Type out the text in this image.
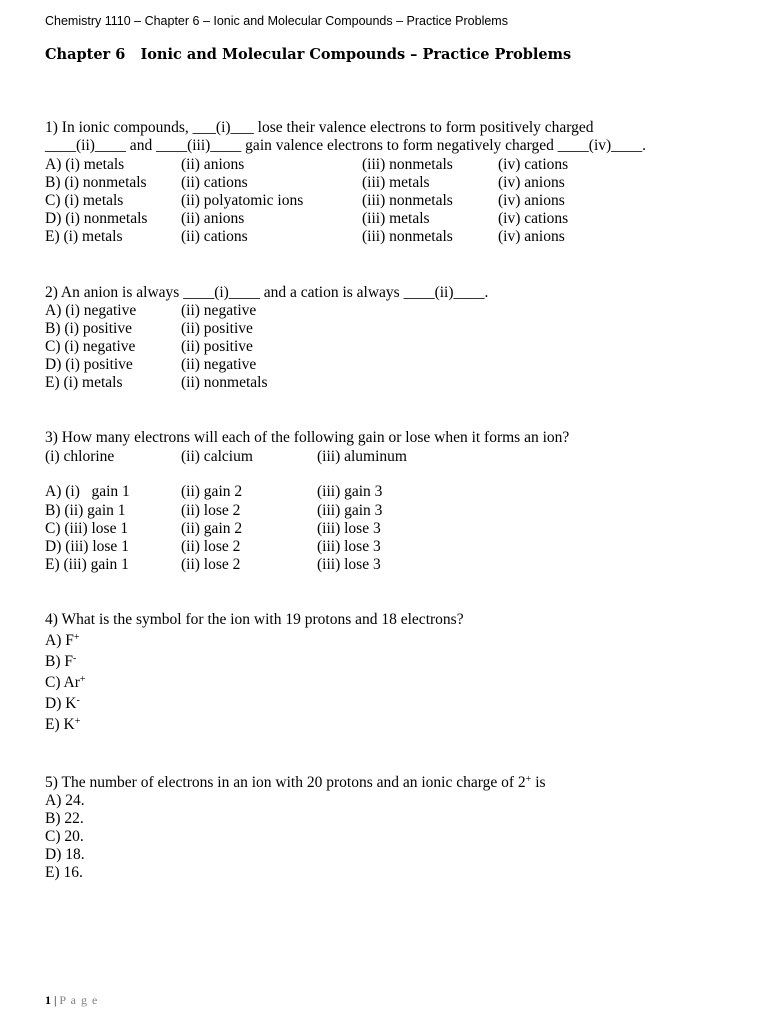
Chemistry 1110 – Chapter 6 – Ionic and Molecular Compounds – Practice Problems
Chapter 6   Ionic and Molecular Compounds – Practice Problems
1) In ionic compounds, ___(i)___ lose their valence electrons to form positively charged
____(ii)____ and ____(iii)____ gain valence electrons to form negatively charged ____(iv)____.
A) (i) metals	(ii) anions	(iii) nonmetals	(iv) cations
B) (i) nonmetals (ii) cations	(iii) metals	(iv) anions
C) (i) metals	(ii) polyatomic ions	(iii) nonmetals	(iv) anions
D) (i) nonmetals (ii) anions	(iii) metals	(iv) cations
E) (i) metals	(ii) cations	(iii) nonmetals	(iv) anions
2) An anion is always ____(i)____ and a cation is always ____(ii)____.
A) (i) negative	(ii) negative
B) (i) positive	(ii) positive
C) (i) negative	(ii) positive
D) (i) positive	(ii) negative
E) (i) metals	(ii) nonmetals
3) How many electrons will each of the following gain or lose when it forms an ion?
(i) chlorine	(ii) calcium	(iii) aluminum
A) (i)   gain 1	(ii) gain 2	(iii) gain 3
B) (ii) gain 1	(ii) lose 2	(iii) gain 3
C) (iii) lose 1	(ii) gain 2	(iii) lose 3
D) (iii) lose 1	(ii) lose 2	(iii) lose 3
E) (iii) gain 1	(ii) lose 2	(iii) lose 3
4) What is the symbol for the ion with 19 protons and 18 electrons?
A) F+
B) F-
C) Ar+
D) K-
E) K+
5) The number of electrons in an ion with 20 protons and an ionic charge of 2+ is
A) 24.
B) 22.
C) 20.
D) 18.
E) 16.
1 | P a g e
